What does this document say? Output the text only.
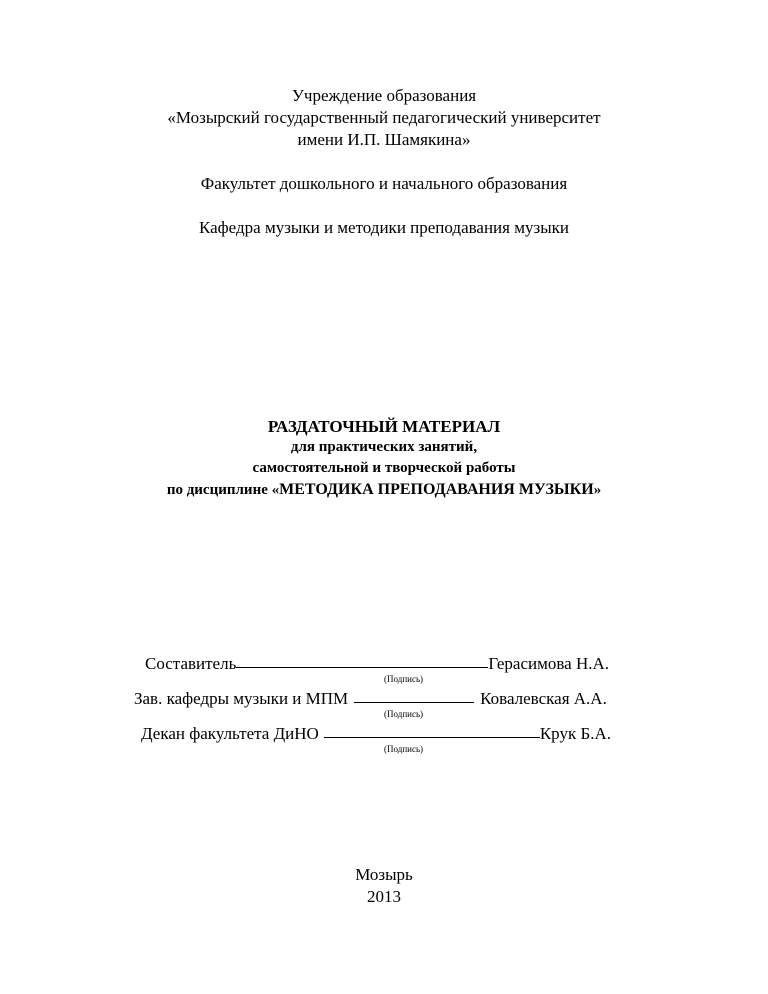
Учреждение образования
«Мозырский государственный педагогический университет
имени И.П. Шамякина»
Факультет дошкольного и начального образования
Кафедра музыки и методики преподавания музыки
РАЗДАТОЧНЫЙ МАТЕРИАЛ
для практических занятий,
самостоятельной и творческой работы
по дисциплине «МЕТОДИКА ПРЕПОДАВАНИЯ МУЗЫКИ»
Составитель	Герасимова Н.А.
(Подпись)
Зав. кафедры музыки и МПМ	Ковалевская А.А.
(Подпись)
Декан факультета ДиНО	Крук Б.А.
(Подпись)
Мозырь
2013
